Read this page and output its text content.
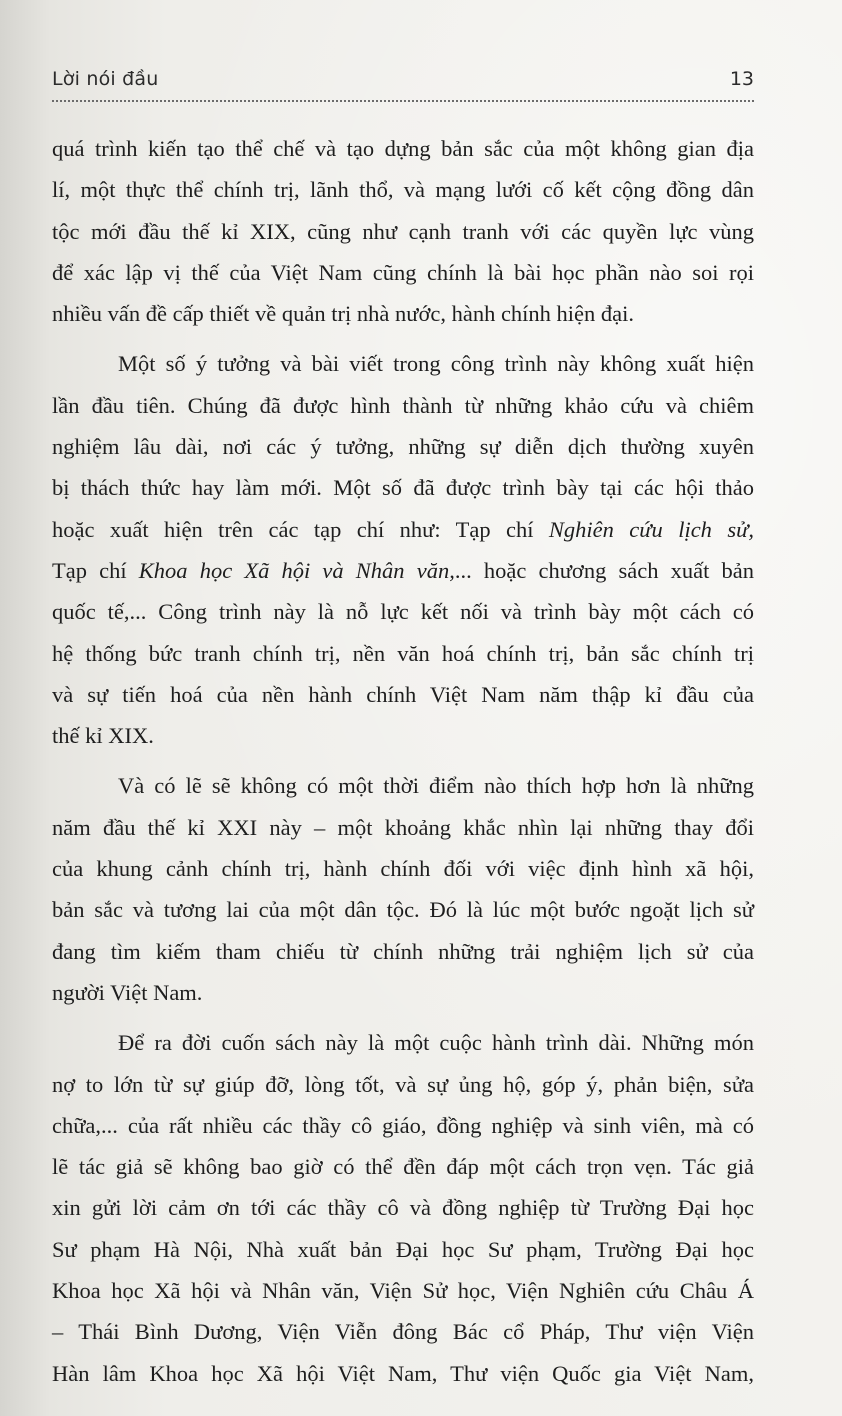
Lời nói đầu	13

quá trình kiến tạo thể chế và tạo dựng bản sắc của một không gian địa
lí, một thực thể chính trị, lãnh thổ, và mạng lưới cố kết cộng đồng dân
tộc mới đầu thế kỉ XIX, cũng như cạnh tranh với các quyền lực vùng
để xác lập vị thế của Việt Nam cũng chính là bài học phần nào soi rọi
nhiều vấn đề cấp thiết về quản trị nhà nước, hành chính hiện đại.

Một số ý tưởng và bài viết trong công trình này không xuất hiện
lần đầu tiên. Chúng đã được hình thành từ những khảo cứu và chiêm
nghiệm lâu dài, nơi các ý tưởng, những sự diễn dịch thường xuyên
bị thách thức hay làm mới. Một số đã được trình bày tại các hội thảo
hoặc xuất hiện trên các tạp chí như: Tạp chí Nghiên cứu lịch sử,
Tạp chí Khoa học Xã hội và Nhân văn,... hoặc chương sách xuất bản
quốc tế,... Công trình này là nỗ lực kết nối và trình bày một cách có
hệ thống bức tranh chính trị, nền văn hoá chính trị, bản sắc chính trị
và sự tiến hoá của nền hành chính Việt Nam năm thập kỉ đầu của
thế kỉ XIX.

Và có lẽ sẽ không có một thời điểm nào thích hợp hơn là những
năm đầu thế kỉ XXI này – một khoảng khắc nhìn lại những thay đổi
của khung cảnh chính trị, hành chính đối với việc định hình xã hội,
bản sắc và tương lai của một dân tộc. Đó là lúc một bước ngoặt lịch sử
đang tìm kiếm tham chiếu từ chính những trải nghiệm lịch sử của
người Việt Nam.

Để ra đời cuốn sách này là một cuộc hành trình dài. Những món
nợ to lớn từ sự giúp đỡ, lòng tốt, và sự ủng hộ, góp ý, phản biện, sửa
chữa,... của rất nhiều các thầy cô giáo, đồng nghiệp và sinh viên, mà có
lẽ tác giả sẽ không bao giờ có thể đền đáp một cách trọn vẹn. Tác giả
xin gửi lời cảm ơn tới các thầy cô và đồng nghiệp từ Trường Đại học
Sư phạm Hà Nội, Nhà xuất bản Đại học Sư phạm, Trường Đại học
Khoa học Xã hội và Nhân văn, Viện Sử học, Viện Nghiên cứu Châu Á
– Thái Bình Dương, Viện Viễn đông Bác cổ Pháp, Thư viện Viện
Hàn lâm Khoa học Xã hội Việt Nam, Thư viện Quốc gia Việt Nam,
